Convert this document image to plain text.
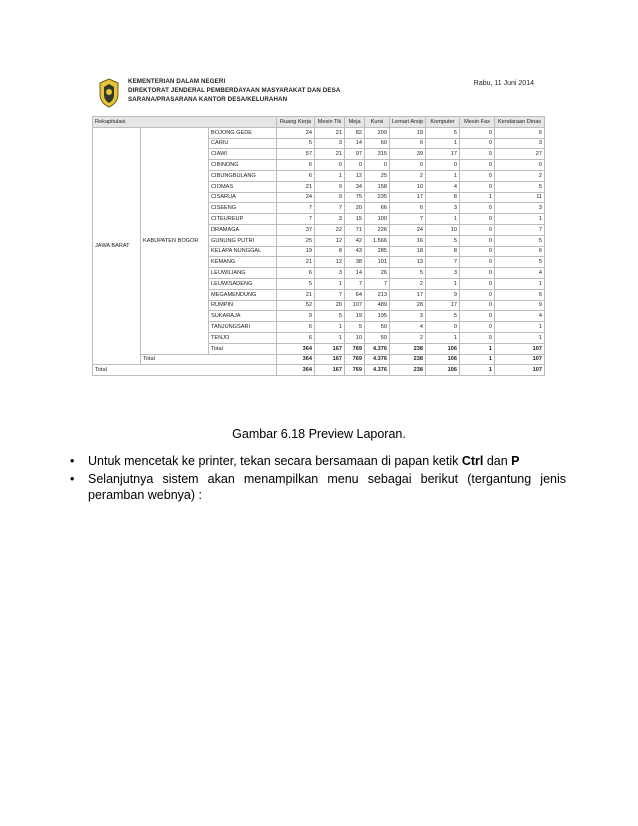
KEMENTERIAN DALAM NEGERI
DIREKTORAT JENDERAL PEMBERDAYAAN MASYARAKAT DAN DESA
SARANA/PRASARANA KANTOR DESA/KELURAHAN
Rabu, 11 Juni 2014
Rekapitulasi			Ruang Kerja	Mesin Tik	Meja	Kursi	Lemari Arsip	Komputer	Mesin Fax	Kendaraan Dinas
JAWA BARAT	KABUPATEN BOGOR	BOJONG GEDE	24	21	82	209	19	5	0	6
		CARIU	5	3	14	60	6	1	0	3
		CIAWI	57	21	97	315	39	17	0	27
		CIBINONG	6	0	0	0	0	0	0	0
		CIBUNGBULANG	6	1	12	25	2	1	0	2
		CIOMAS	21	9	34	158	10	4	0	5
		CISARUA	24	9	75	235	17	8	1	11
		CISEENG	7	7	20	66	6	3	0	3
		CITEUREUP	7	3	15	100	7	1	0	1
		DRAMAGA	37	22	71	226	24	10	0	7
		GUNUNG PUTRI	25	12	42	1.566	16	5	0	5
		KELAPA NUNGGAL	19	8	43	285	18	8	0	6
		KEMANG	21	12	38	101	13	7	0	5
		LEUWILIANG	6	3	14	26	5	3	0	4
		LEUWISADENG	5	1	7	7	2	1	0	1
		MEGAMENDUNG	21	7	64	213	17	9	0	6
		RUMPIN	52	20	107	489	28	17	0	9
		SUKARAJA	9	5	19	195	3	5	0	4
		TANJUNGSARI	6	1	5	50	4	0	0	1
		TENJO	6	1	10	50	2	1	0	1
		Total	364	167	769	4.376	238	106	1	107
	Total		364	167	769	4.376	238	106	1	107
Total			364	167	769	4.376	238	106	1	107
Gambar 6.18 Preview Laporan.
• Untuk mencetak ke printer, tekan secara bersamaan di papan ketik Ctrl dan P
• Selanjutnya sistem akan menampilkan menu sebagai berikut (tergantung jenis peramban webnya) :
